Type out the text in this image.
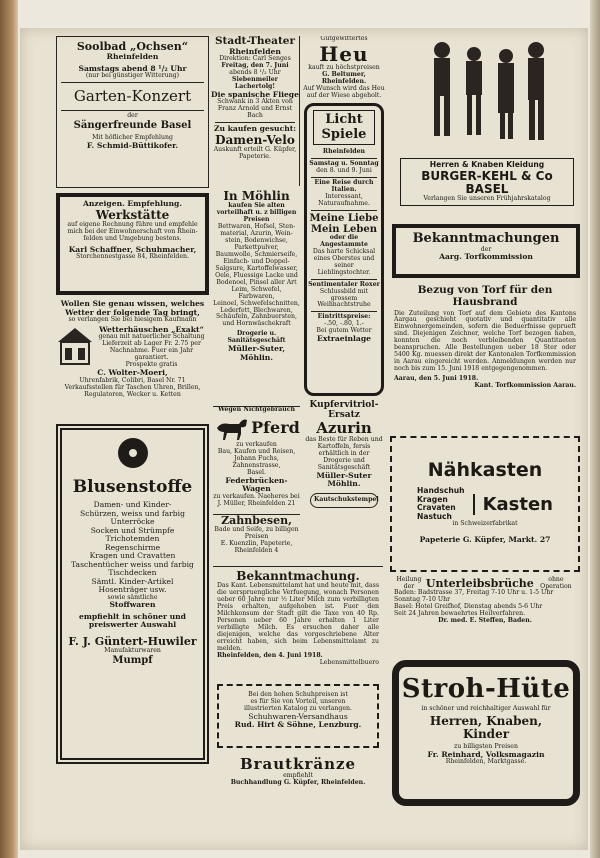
Soolbad „Ochsen“
Rheinfelden
Samstags abend 8 ¹/₂ Uhr
(nur bei günstiger Witterung)
Garten-Konzert
der
Sängerfreunde Basel
Mit höflicher Empfehlung
F. Schmid-Büttikofer.
Stadt-Theater
Rheinfelden
Direktion: Carl Senges
Freitag, den 7. Juni
abends 8 ¹/₂ Uhr
Siebenmeiler Lachertolg!
Die spanische Fliege
Schwank in 3 Akten von
Franz Arnold und Ernst Bach
Zu kaufen gesucht:
Damen-Velo
Auskunft erteilt G. Küpfer, Papeterie.
Gutgewittertes
Heu
kauft zu höchstpreisen
G. Beltumer, Rheinfelden.
Auf Wunsch wird das Heu
auf der Wiese abgeholt.
Licht Spiele
Rheinfelden
Samstag u. Sonntag
den 8. und 9. Juni
Eine Reise durch Italien.
Interessant, Naturaufnahme.
Meine Liebe Mein Leben
oder die Angestammte
Das harte Schicksal eines Oberstes und seiner Lieblingstochter.
Sentimentaler Roxer
Schlussbild mit grossem Weihnachtstruhe
Eintrittspreise:
-.50, -.80, 1.-
Bei gutem Wetter
Extraeinlage
Anzeigen. Empfehlung.
Werkstätte
auf eigene Rechnung führe und empfehle
mich bei der Einwohnerschaft von Rhein-
felden und Umgebung bestens.
Karl Schaffner, Schuhmacher,
Storchennestgasse 84, Rheinfelden.
In Möhlin
kaufen Sie alten vorteilhaft u. z billigen Preisen
Bettwaren, Hofsel, Sten-
material, Azurin, Wein-
stein, Bodenwichse, Parkettpulver,
Baumwolle, Schmierseife,
Einfach- und Doppel-
Salgsure, Kartoffelwasser,
Oele, Fluessige Lacke und
Bodenoel, Pinsel aller Art
Leim, Schwefel, Farbwaren,
Leinoel, Schwefelschnitten,
Lederfett, Blechwaren,
Schäufeln, Zahnbuersten,
und Hornwäschekraft
Drogerie u. Sanitätsgeschäft
Müller-Suter,
Möhlin.
Wollen Sie genau wissen, welches Wetter der folgende Tag bringt,
so verlangen Sie bei hiesigem Kaufmann
Wetterhäuschen „Exakt“
genau mit natuerlicher Schaltung
Lieferzeit ab Lager Fr. 2.75 per
Nachnahme. Fuer ein Jahr garantiert.
Prospekte gratis
C. Wolter-Moeri,
Uhrenfabrik, Colibri, Basel Nr. 71
Verkaufsstellen für Taschen Uhren, Brillen, Regulatoren, Wecker u. Ketten
Kupfervitriol-Ersatz
Azurin
das Beste für Reben und
Kartoffeln, fersís erhältlich in der Drogerie und
Sanitätsgeschäft
Müller-Suter
Möhlin.
Kautschukstempel
Wegen Nichtgebrauch
Pferd
zu verkaufen
Bau, Kaufen und Reisen,
Johann Fuchs, Zahnenstrasse,
Basel.
Federbrücken-Wagen
zu verkaufen. Naeheres bei
J. Müller, Rheinfelden 21
Zahnbesen,
Bade und Seife, zu billigen Preisen
E. Kuenzlin, Papeterie,
Rheinfelden 4
Blusenstoffe
Damen- und Kinder-
Schürzen, weiss und farbig
Unterröcke
Socken und Strümpfe
Trichotemden
Regenschirme
Kragen und Cravatten
Taschentücher weiss und farbig
Tischdecken
Sämtl. Kinder-Artikel
Hosenträger usw.
sowie sämtliche
Stoffwaren
empfiehlt in schöner und preiswerter Auswahl
F. J. Güntert-Huwiler
Manufakturwaren
Mumpf
Bekanntmachung.
Das Kant. Lebensmittelamt hat und heute mit, dass die uerspruengliche Verfuegung, wonach Personen ueber 60 Jahre nur ½ Liter Milch zum verbilligten Preis erhalten, aufgehoben ist. Fuer den Milchkonsum der Stadt gilt die Taxe von 40 Rp. Personen ueber 60 Jahre erhalten 1 Liter verbilligte Milch. Es ersuchen daher alle diejenigen, welche das vorgeschriebene Alter erreicht haben, sich beim Lebensmittelamt zu melden.
Rheinfelden, den 4. Juni 1918.
Lebensmittelbuero
Bei den hohen Schuhpreisen ist
es für Sie von Vorteil, unseren
illustrierten Katalog zu verlangen.
Schuhwaren-Versandhaus
Rud. Hirt & Söhne, Lenzburg.
Brautkränze
empfiehlt
Buchhandlung G. Küpfer, Rheinfelden.
Herren & Knaben Kleidung
BURGER-KEHL & Co
BASEL
Verlangen Sie unseren Frühjahrskatalog
Bekanntmachungen
der
Aarg. Torfkommission
Bezug von Torf für den Hausbrand
Die Zuteilung von Torf auf dem Gebiete des Kantons Aargau geschieht quotativ und quantitativ alle Einwohnergemeinden, sofern die Beduerfnisse geprueft sind. Diejenigen Zeichner, welche Torf bezogen haben, konnten die noch verbleibenden Quantitaeten beanspruchen. Alle Bestellungen ueber 18 Ster oder 5400 Kg. muessen direkt der Kantonalen Torfkommission in Aarau eingereicht werden. Anmeldungen werden nur noch bis zum 15. Juni 1918 entgegengenommen.
Aarau, den 5. Juni 1918.
Kant. Torfkommission Aarau.
Nähkasten
Handschuh
Kragen
Cravaten
Nastuch
Kasten
in Schweizerfabrikat
Papeterie G. Küpfer, Markt. 27
Heilung der	Unterleibsbrüche	ohne Operation
Baden: Badstrasse 37, Freitag 7-10 Uhr u. 1-5 Uhr
Sonntag 7-10 Uhr
Basel: Hotel Greifhof, Dienstag abends 5-6 Uhr
Seit 24 Jahren bewaehrtes Heilverfahren.
Dr. med. E. Steffen, Baden.
Stroh-Hüte
in schöner und reichhaltiger Auswahl für
Herren, Knaben, Kinder
zu billigsten Preisen
Fr. Reinhard, Volksmagazin
Rheinfelden, Marktgasse.
